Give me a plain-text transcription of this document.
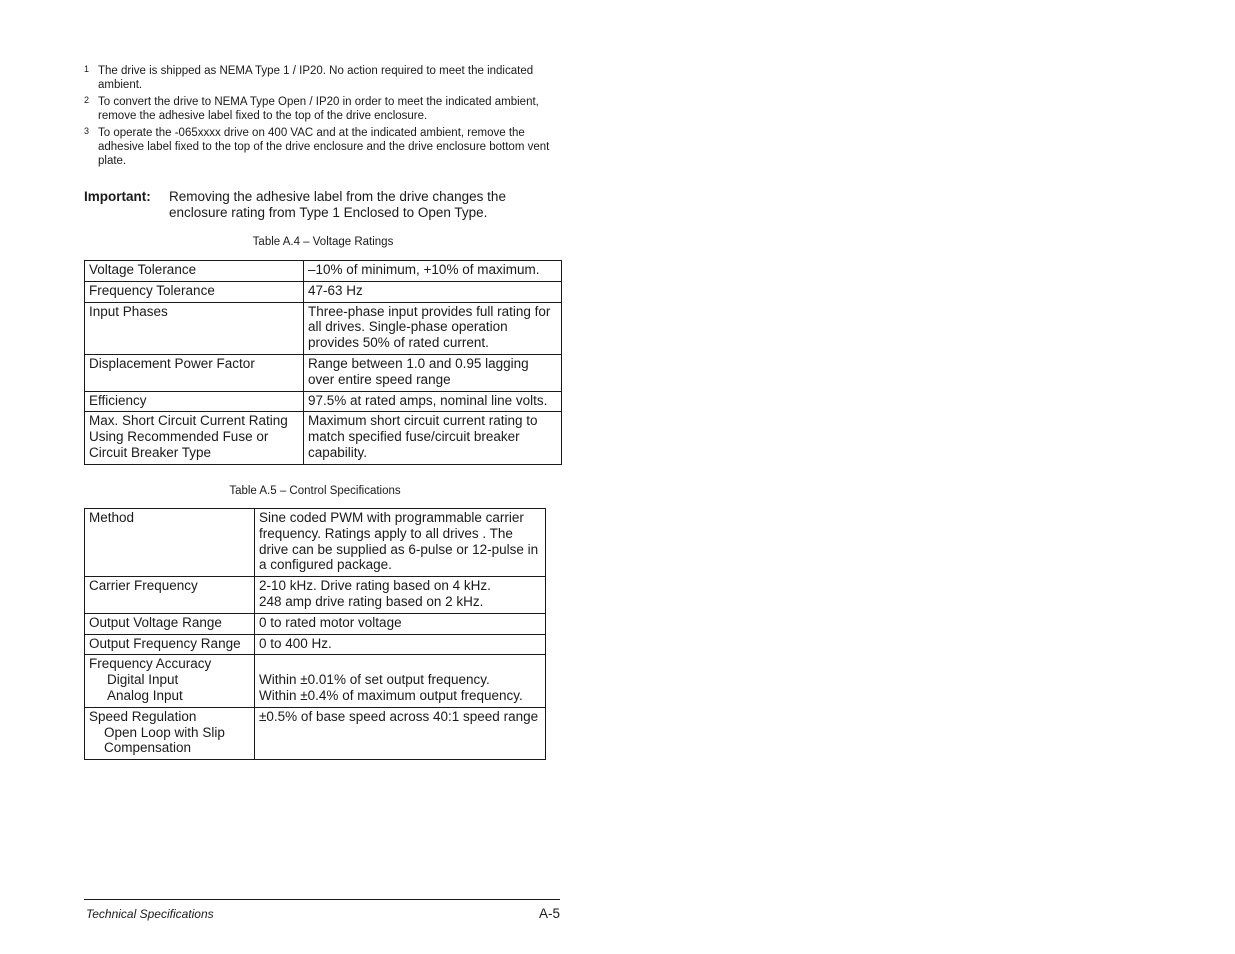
1 The drive is shipped as NEMA Type 1 / IP20. No action required to meet the indicated ambient.
2 To convert the drive to NEMA Type Open / IP20 in order to meet the indicated ambient, remove the adhesive label fixed to the top of the drive enclosure.
3 To operate the -065xxxx drive on 400 VAC and at the indicated ambient, remove the adhesive label fixed to the top of the drive enclosure and the drive enclosure bottom vent plate.
Important:	Removing the adhesive label from the drive changes the enclosure rating from Type 1 Enclosed to Open Type.
Table A.4 – Voltage Ratings
Voltage Tolerance	–10% of minimum, +10% of maximum.
Frequency Tolerance	47-63 Hz
Input Phases	Three-phase input provides full rating for all drives. Single-phase operation provides 50% of rated current.
Displacement Power Factor	Range between 1.0 and 0.95 lagging over entire speed range
Efficiency	97.5% at rated amps, nominal line volts.
Max. Short Circuit Current Rating Using Recommended Fuse or Circuit Breaker Type	Maximum short circuit current rating to match specified fuse/circuit breaker capability.
Table A.5 – Control Specifications
Method	Sine coded PWM with programmable carrier frequency. Ratings apply to all drives . The drive can be supplied as 6-pulse or 12-pulse in a configured package.
Carrier Frequency	2-10 kHz. Drive rating based on 4 kHz.
248 amp drive rating based on 2 kHz.

Output Voltage Range	0 to rated motor voltage
Output Frequency Range	0 to 400 Hz.

Frequency Accuracy
Digital Input
Analog Input	Within ±0.01% of set output frequency.
Within ±0.4% of maximum output frequency.

Speed Regulation
Open Loop with Slip
Compensation	±0.5% of base speed across 40:1 speed range
Technical Specifications	A-5
